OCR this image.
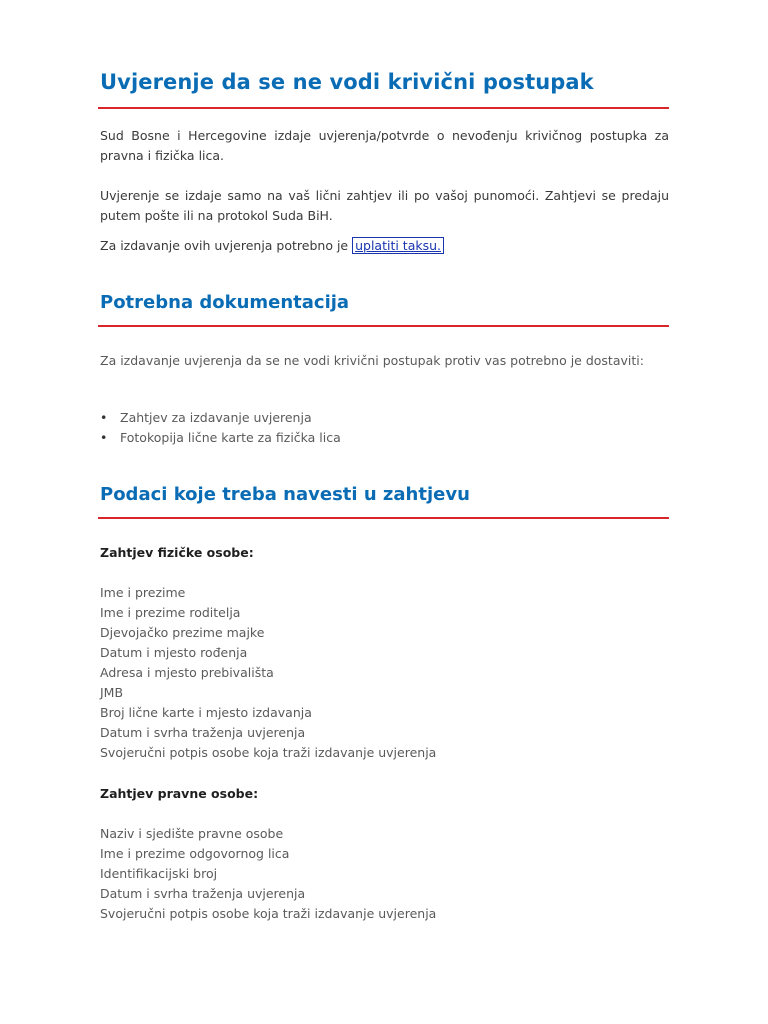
Uvjerenje da se ne vodi krivični postupak

Sud Bosne i Hercegovine izdaje uvjerenja/potvrde o nevođenju krivičnog postupka za pravna i fizička lica.

Uvjerenje se izdaje samo na vaš lični zahtjev ili po vašoj punomoći. Zahtjevi se predaju putem pošte ili na protokol Suda BiH.

Za izdavanje ovih uvjerenja potrebno je uplatiti taksu.

Potrebna dokumentacija

Za izdavanje uvjerenja da se ne vodi krivični postupak protiv vas potrebno je dostaviti:

• Zahtjev za izdavanje uvjerenja
• Fotokopija lične karte za fizička lica
Podaci koje treba navesti u zahtjevu

Zahtjev fizičke osobe:

Ime i prezime
Ime i prezime roditelja
Djevojačko prezime majke
Datum i mjesto rođenja
Adresa i mjesto prebivališta
JMB
Broj lične karte i mjesto izdavanja
Datum i svrha traženja uvjerenja
Svojeručni potpis osobe koja traži izdavanje uvjerenja

Zahtjev pravne osobe:

Naziv i sjedište pravne osobe
Ime i prezime odgovornog lica
Identifikacijski broj
Datum i svrha traženja uvjerenja
Svojeručni potpis osobe koja traži izdavanje uvjerenja
